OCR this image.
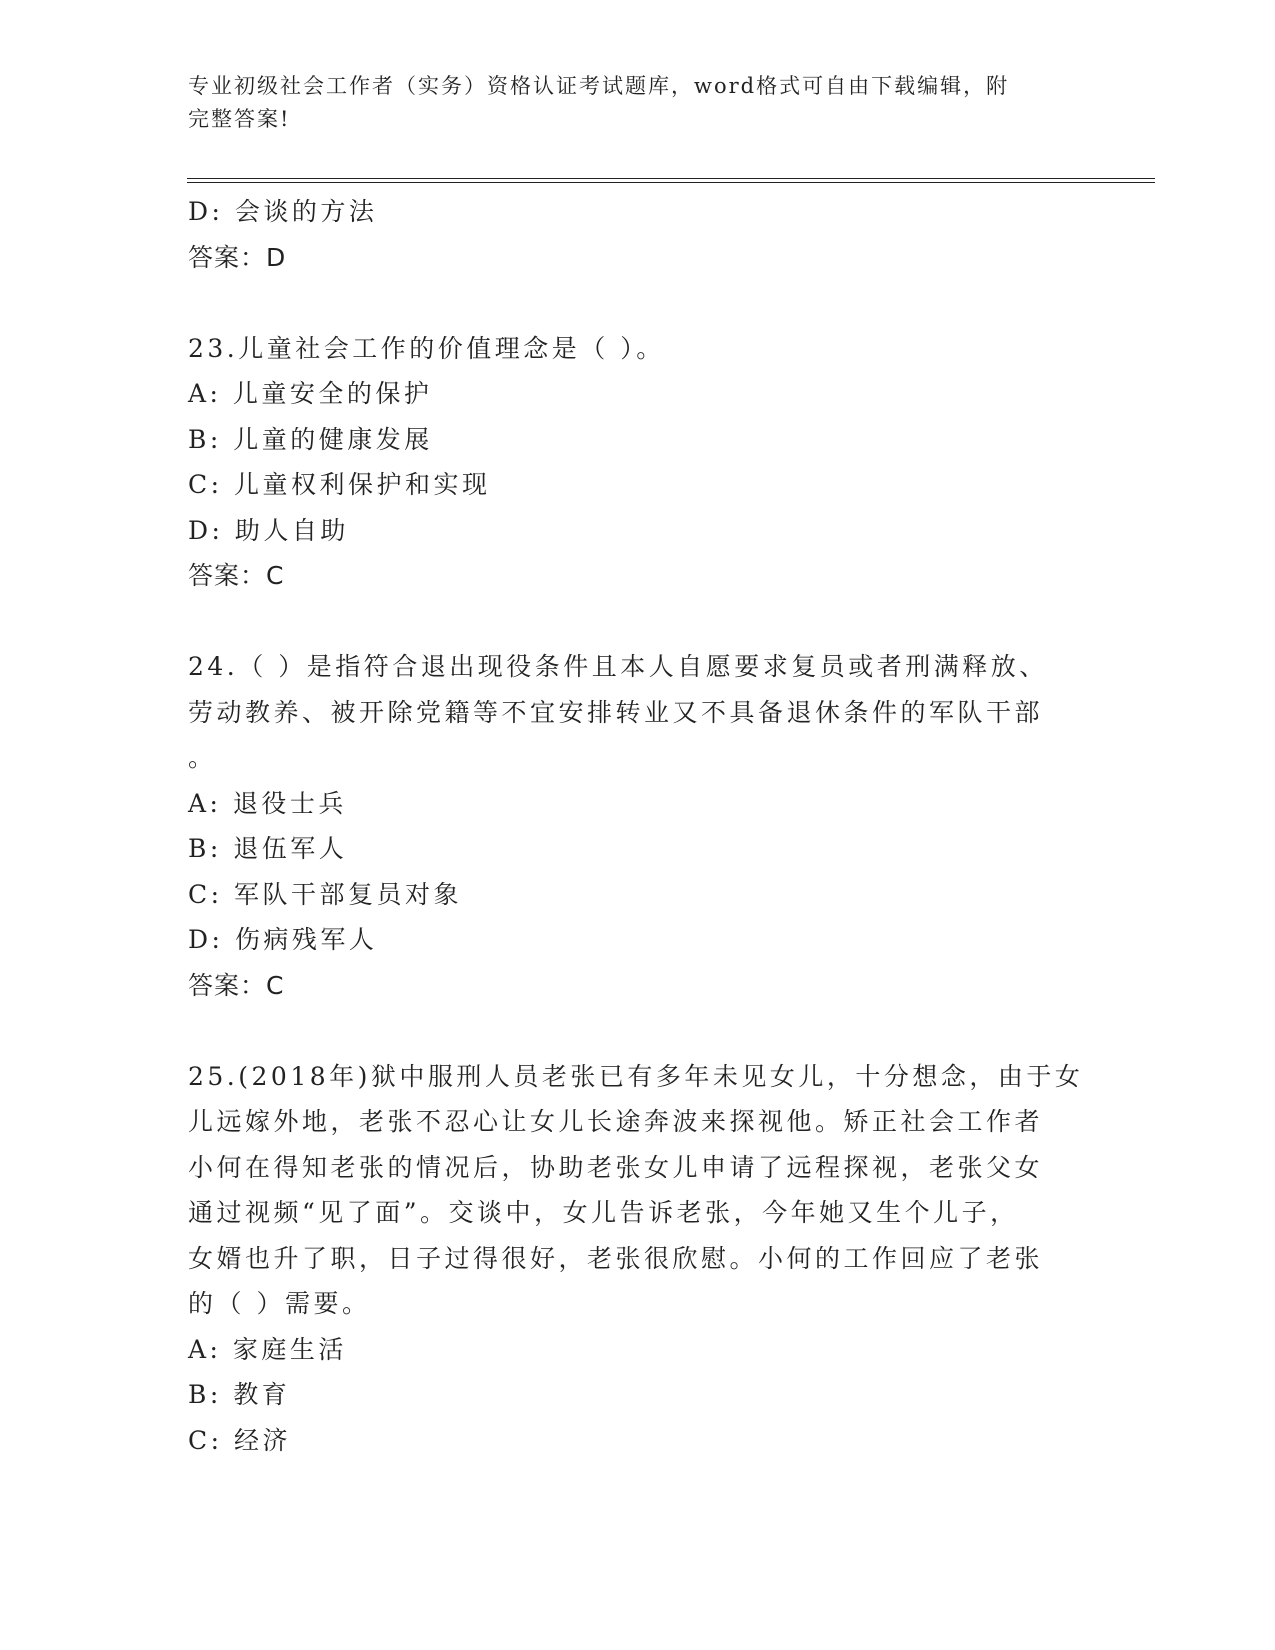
专业初级社会工作者（实务）资格认证考试题库，word格式可自由下载编辑，附
完整答案!
D: 会谈的方法
答案：D
23.儿童社会工作的价值理念是（ ）。
A: 儿童安全的保护
B: 儿童的健康发展
C: 儿童权利保护和实现
D: 助人自助
答案：C
24.（ ）是指符合退出现役条件且本人自愿要求复员或者刑满释放、
劳动教养、被开除党籍等不宜安排转业又不具备退休条件的军队干部
。
A: 退役士兵
B: 退伍军人
C: 军队干部复员对象
D: 伤病残军人
答案：C
25.(2018年)狱中服刑人员老张已有多年未见女儿，十分想念，由于女
儿远嫁外地，老张不忍心让女儿长途奔波来探视他。矫正社会工作者
小何在得知老张的情况后，协助老张女儿申请了远程探视，老张父女
通过视频“见了面”。交谈中，女儿告诉老张，今年她又生个儿子，
女婿也升了职，日子过得很好，老张很欣慰。小何的工作回应了老张
的（ ）需要。
A: 家庭生活
B: 教育
C: 经济
